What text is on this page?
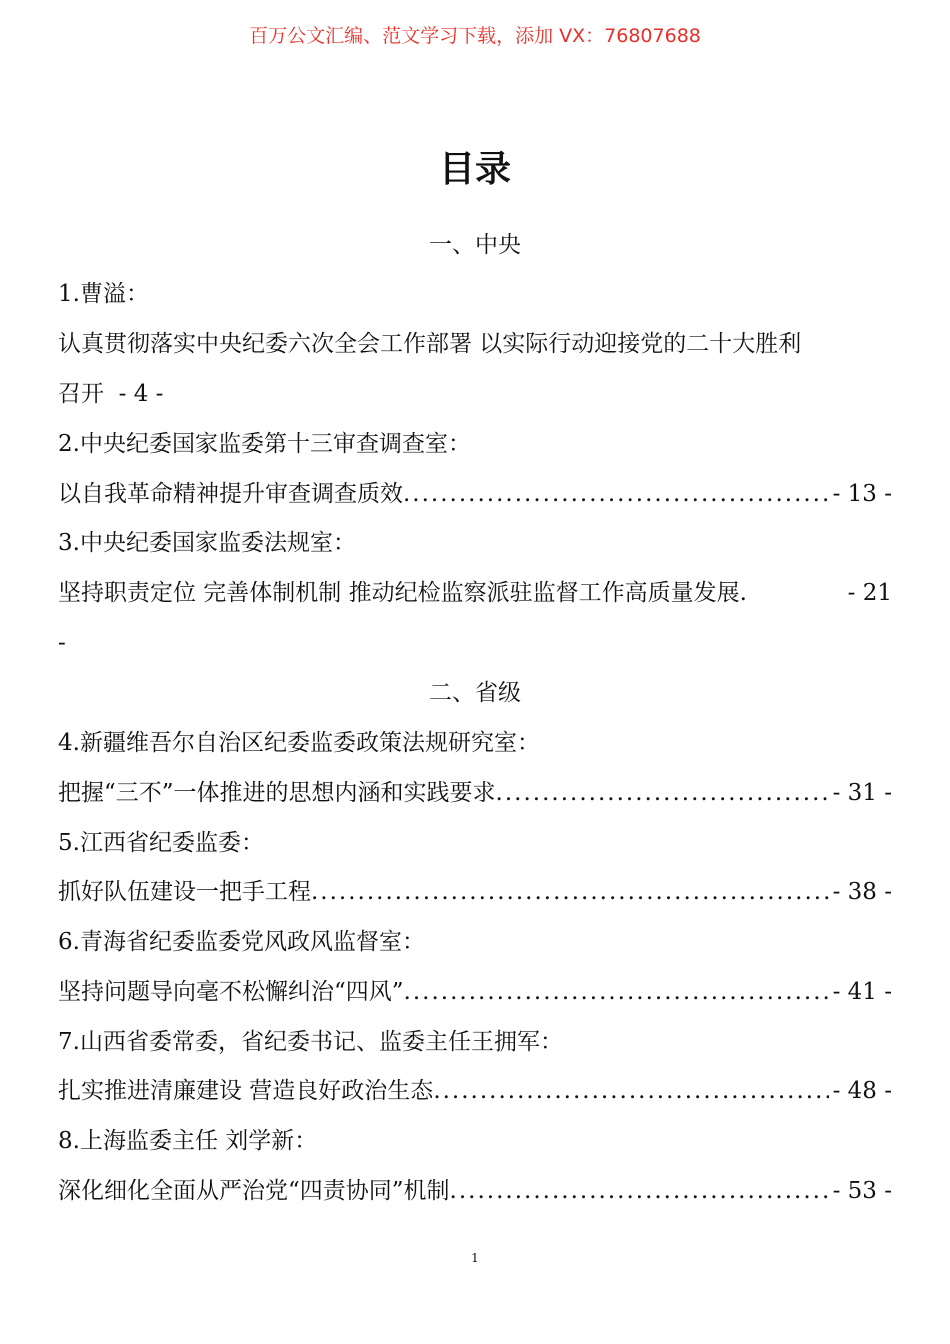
百万公文汇编、范文学习下载，添加 VX：76807688
目录
一、中央
1.曹溢：
认真贯彻落实中央纪委六次全会工作部署 以实际行动迎接党的二十大胜利
召开 - 4 -
2.中央纪委国家监委第十三审查调查室：
以自我革命精神提升审查调查质效 .....	- 13 -
3.中央纪委国家监委法规室：
坚持职责定位 完善体制机制 推动纪检监察派驻监督工作高质量发展.	- 21
-
二、省级
4.新疆维吾尔自治区纪委监委政策法规研究室：
把握“三不”一体推进的思想内涵和实践要求 .....	- 31 -
5.江西省纪委监委：
抓好队伍建设一把手工程 .....	- 38 -
6.青海省纪委监委党风政风监督室：
坚持问题导向毫不松懈纠治“四风” .....	- 41 -
7.山西省委常委，省纪委书记、监委主任王拥军：
扎实推进清廉建设 营造良好政治生态 .....	- 48 -
8.上海监委主任 刘学新：
深化细化全面从严治党“四责协同”机制 .....	- 53 -
1
